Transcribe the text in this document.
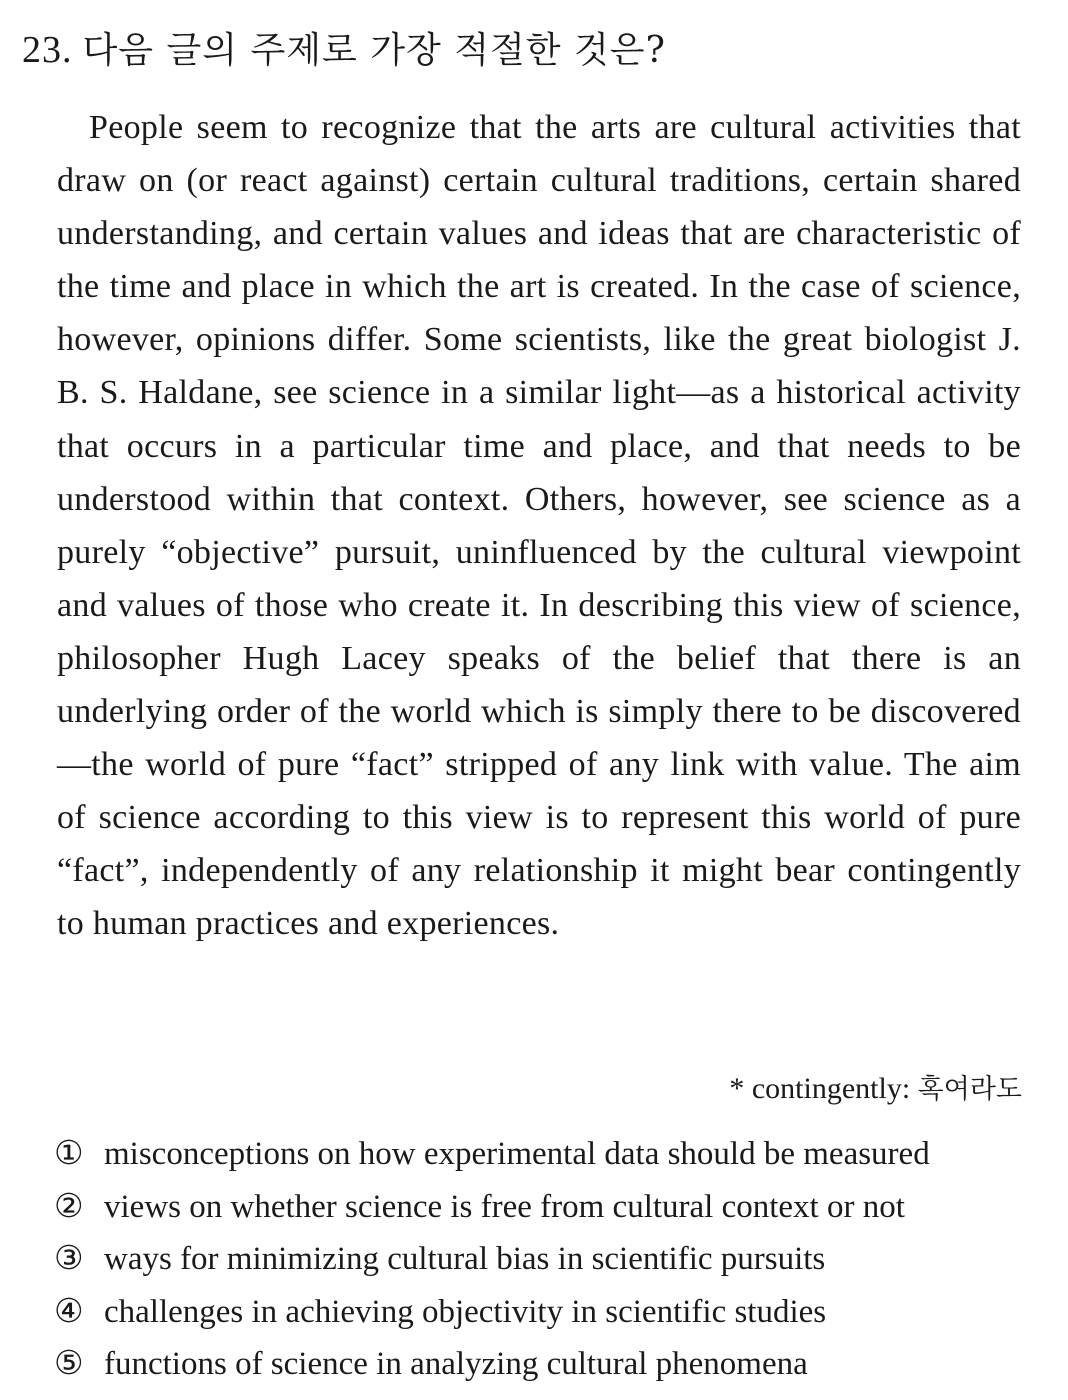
23. 다음 글의 주제로 가장 적절한 것은?

People seem to recognize that the arts are cultural activities that draw on (or react against) certain cultural traditions, certain shared understanding, and certain values and ideas that are characteristic of the time and place in which the art is created. In the case of science, however, opinions differ. Some scientists, like the great biologist J. B. S. Haldane, see science in a similar light—as a historical activity that occurs in a particular time and place, and that needs to be understood within that context. Others, however, see science as a purely “objective” pursuit, uninfluenced by the cultural viewpoint and values of those who create it. In describing this view of science, philosopher Hugh Lacey speaks of the belief that there is an underlying order of the world which is simply there to be discovered—the world of pure “fact” stripped of any link with value. The aim of science according to this view is to represent this world of pure “fact”, independently of any relationship it might bear contingently to human practices and experiences.

* contingently: 혹여라도
① misconceptions on how experimental data should be measured
② views on whether science is free from cultural context or not
③ ways for minimizing cultural bias in scientific pursuits
④ challenges in achieving objectivity in scientific studies
⑤ functions of science in analyzing cultural phenomena
